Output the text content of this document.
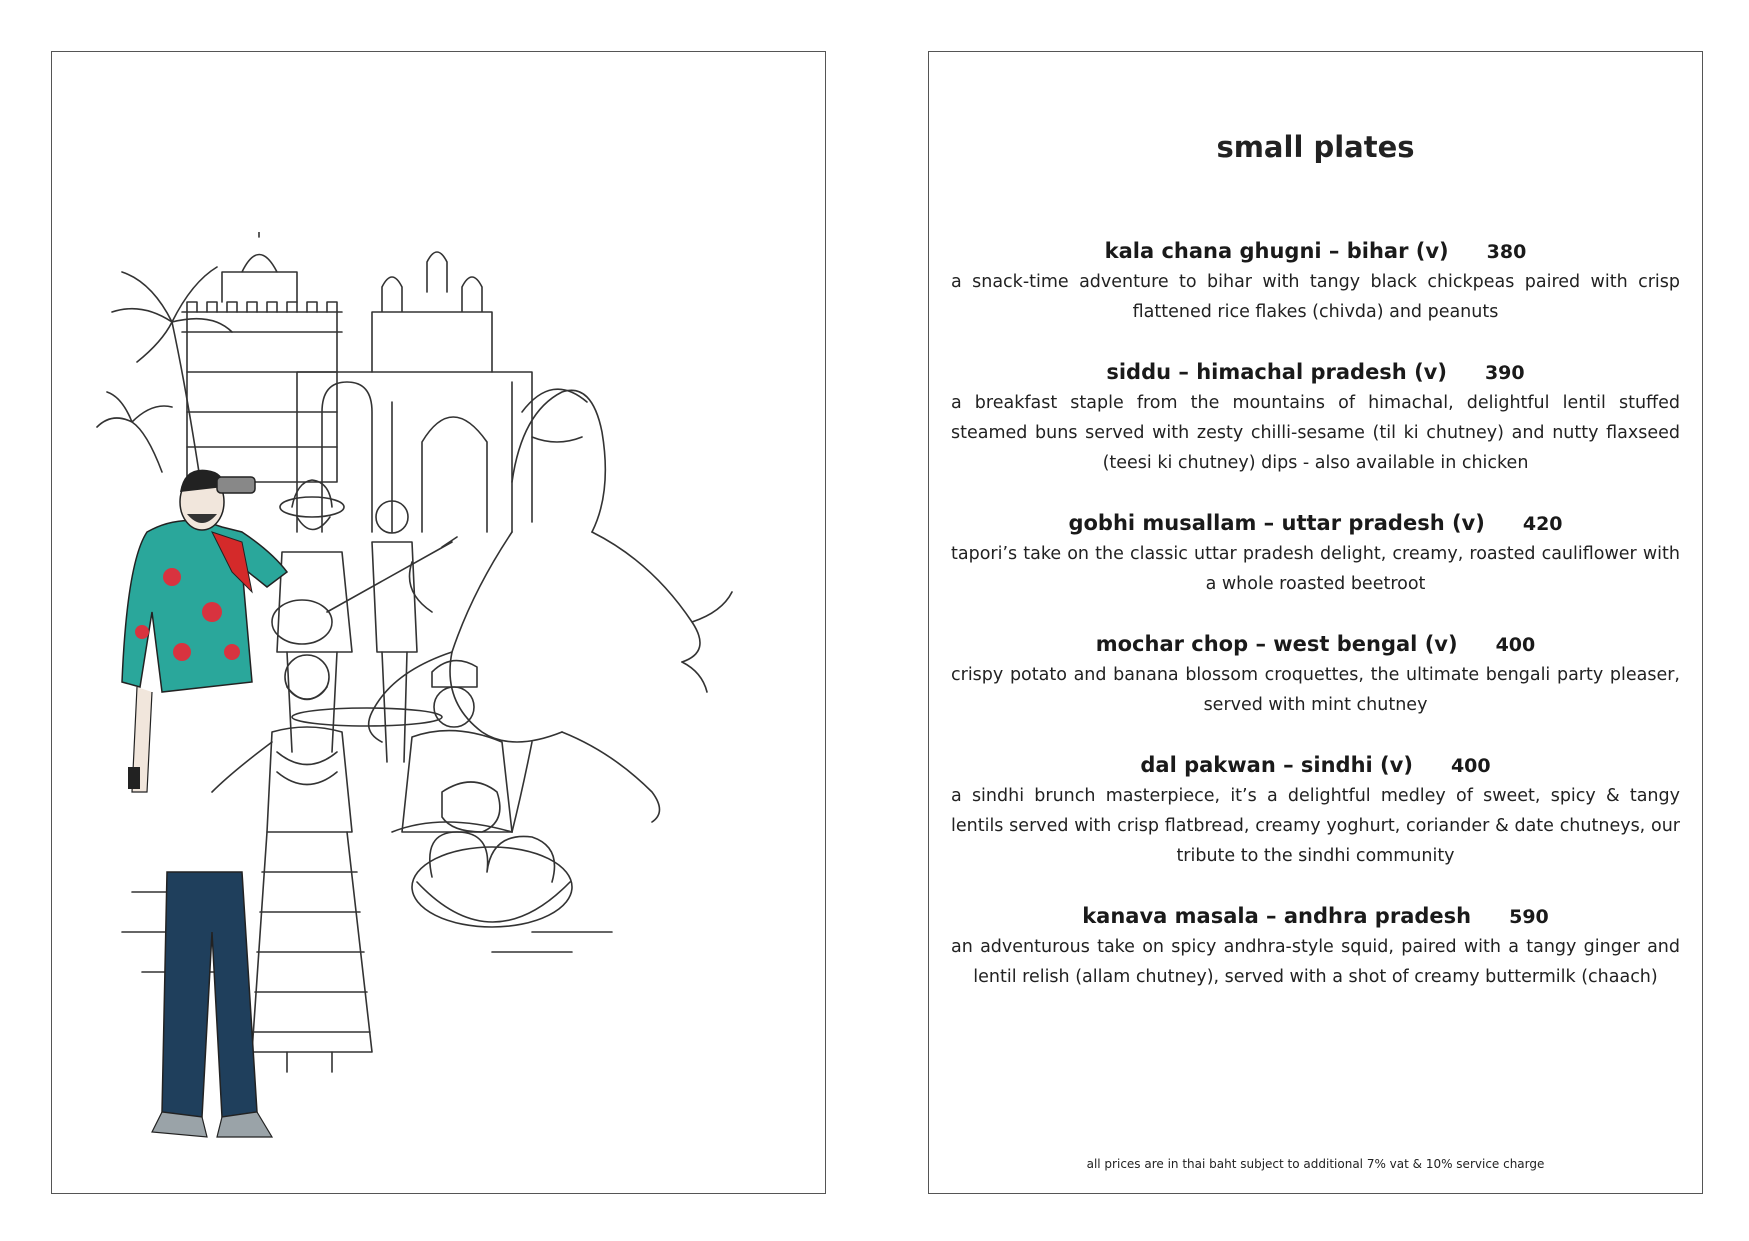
small plates
kala chana ghugni – bihar (v) 380
a snack-time adventure to bihar with tangy black chickpeas paired with crisp flattened rice flakes (chivda) and peanuts
siddu – himachal pradesh (v) 390
a breakfast staple from the mountains of himachal, delightful lentil stuffed steamed buns served with zesty chilli-sesame (til ki chutney) and nutty flaxseed (teesi ki chutney) dips - also available in chicken
gobhi musallam – uttar pradesh (v) 420
tapori’s take on the classic uttar pradesh delight, creamy, roasted cauliflower with a whole roasted beetroot
mochar chop – west bengal (v) 400
crispy potato and banana blossom croquettes, the ultimate bengali party pleaser, served with mint chutney
dal pakwan – sindhi (v) 400
a sindhi brunch masterpiece, it’s a delightful medley of sweet, spicy & tangy lentils served with crisp flatbread, creamy yoghurt, coriander & date chutneys, our tribute to the sindhi community
kanava masala – andhra pradesh 590
an adventurous take on spicy andhra-style squid, paired with a tangy ginger and lentil relish (allam chutney), served with a shot of creamy buttermilk (chaach)
all prices are in thai baht subject to additional 7% vat & 10% service charge
